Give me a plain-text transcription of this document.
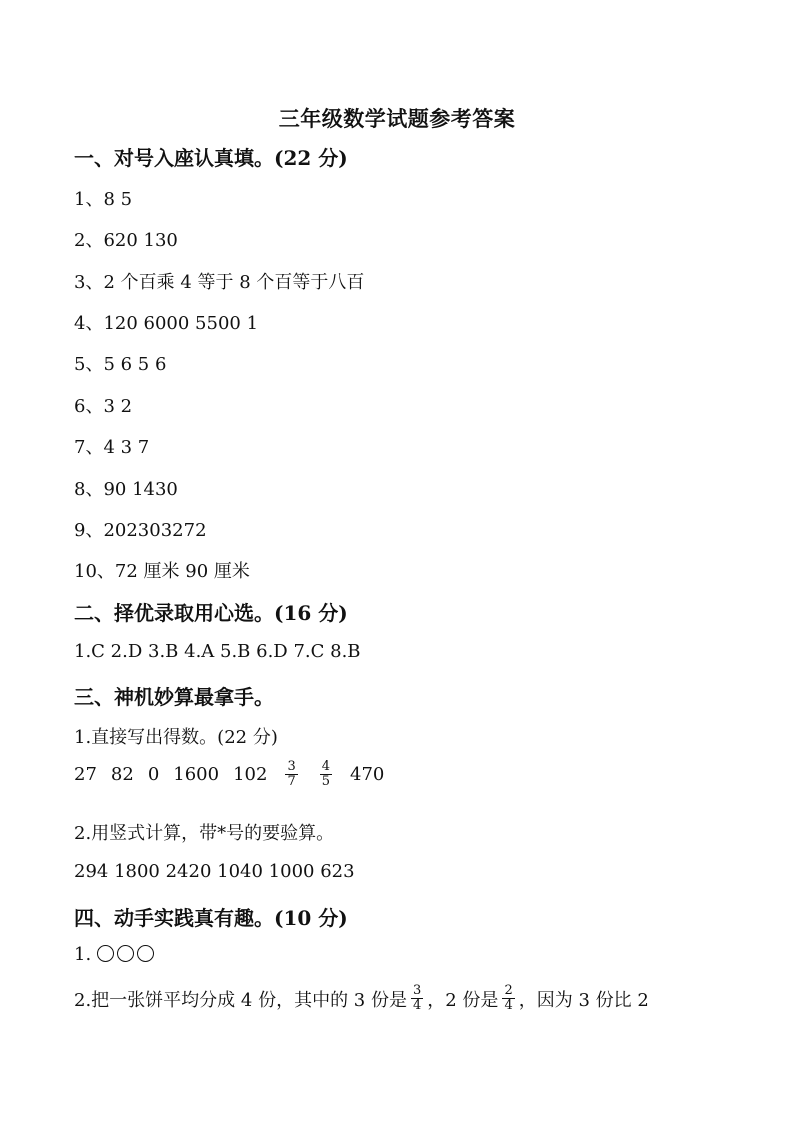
三年级数学试题参考答案
一、对号入座认真填。(22 分)
1、8 5
2、620 130
3、2 个百乘 4 等于 8 个百等于八百
4、120 6000 5500 1
5、5 6 5 6
6、3 2
7、4 3 7
8、90 1430
9、202303272
10、72 厘米 90 厘米
二、择优录取用心选。(16 分)
1.C 2.D 3.B 4.A 5.B 6.D 7.C 8.B
三、神机妙算最拿手。
1.直接写出得数。(22 分)
27 82 0 1600 $102 \frac{3}{7} \frac{4}{5} 470$
2.用竖式计算，带*号的要验算。
294 1800 2420 1040 1000 623
四、动手实践真有趣。(10 分)
1.
2.把一张饼平均分成 4 份，其中的 3 份是 $\frac{3}{4}$ ，2 份是 $\frac{2}{4}$ ，因为 3 份比 2
